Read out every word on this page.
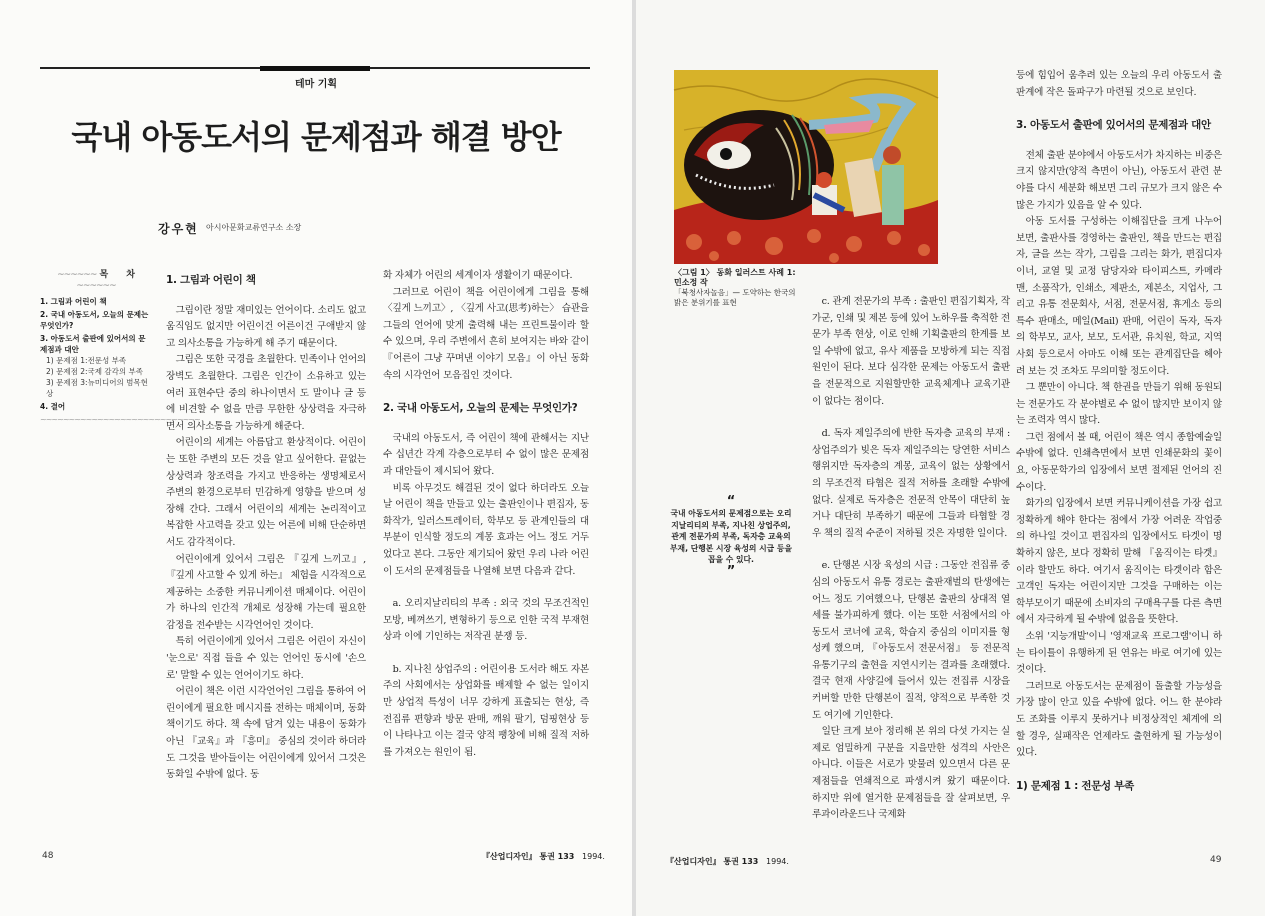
테마 기획
국내 아동도서의 문제점과 해결 방안
강우현 아시아문화교류연구소 소장
~~~~~~ 목　　차 ~~~~~~
1. 그림과 어린이 책
2. 국내 아동도서, 오늘의 문제는 무엇인가?
3. 아동도서 출판에 있어서의 문제점과 대안
1) 문제점 1:전문성 부족
2) 문제점 2:국제 감각의 부족
3) 문제점 3:뉴미디어의 범목현상
4. 결어
~~~~~~~~~~~~~~~~~~~~~~~~~~~~
1. 그림과 어린이 책

그림이란 정말 재미있는 언어이다. 소리도 없고 움직임도 없지만 어린이건 어른이건 구애받지 않고 의사소통을 가능하게 해 주기 때문이다.

그림은 또한 국경을 초월한다. 민족이나 언어의 장벽도 초월한다. 그림은 인간이 소유하고 있는 여러 표현수단 중의 하나이면서 도 말이나 글 등에 비견할 수 없을 만큼 무한한 상상력을 자극하면서 의사소통을 가능하게 해준다.

어린이의 세계는 아름답고 환상적이다. 어린이는 또한 주변의 모든 것을 알고 싶어한다. 끝없는 상상력과 창조력을 가지고 반응하는 생명체로서 주변의 환경으로부터 민감하게 영향을 받으며 성장해 간다. 그래서 어린이의 세계는 논리적이고 복잡한 사고력을 갖고 있는 어른에 비해 단순하면서도 감각적이다.

어린이에게 있어서 그림은 『깊게 느끼고』, 『깊게 사고할 수 있게 하는』 체험을 시각적으로 제공하는 소중한 커뮤니케이션 매체이다. 어린이가 하나의 인간적 개체로 성장해 가는데 필요한 감정을 전수받는 시각언어인 것이다.

특히 어린이에게 있어서 그림은 어린이 자신이 '눈으로' 직접 들을 수 있는 언어인 동시에 '손으로' 말할 수 있는 언어이기도 하다.

어린이 책은 이런 시각언어인 그림을 통하여 어린이에게 필요한 메시지를 전하는 매체이며, 동화책이기도 하다. 책 속에 담겨 있는 내용이 동화가 아닌 『교육』과 『흥미』 중심의 것이라 하더라도 그것을 받아들이는 어린이에게 있어서 그것은 동화일 수밖에 없다. 동

화 자체가 어린의 세계이자 생활이기 때문이다.

그러므로 어린이 책을 어린이에게 그림을 통해 〈깊게 느끼고〉, 〈깊게 사고(思考)하는〉 습관을 그들의 언어에 맞게 출력해 내는 프린트물이라 할 수 있으며, 우리 주변에서 흔히 보여지는 바와 같이 『어른이 그냥 꾸며낸 이야기 모음』이 아닌 동화속의 시각언어 모음집인 것이다.

2. 국내 아동도서, 오늘의 문제는 무엇인가?

국내의 아동도서, 즉 어린이 책에 관해서는 지난 수 십년간 각계 각층으로부터 수 없이 많은 문제점과 대안들이 제시되어 왔다.

비록 아무것도 해결된 것이 없다 하더라도 오늘날 어린이 책을 만들고 있는 출판인이나 편집자, 동화작가, 일러스트레이터, 학부모 등 관계인들의 대부분이 인식할 정도의 계몽 효과는 어느 정도 거두었다고 본다. 그동안 제기되어 왔던 우리 나라 어린이 도서의 문제점들을 나열해 보면 다음과 같다.

a. 오리지날리티의 부족 : 외국 것의 무조건적인 모방, 베껴쓰기, 변형하기 등으로 인한 국적 부재현상과 이에 기인하는 저작권 분쟁 등.

b. 지나친 상업주의 : 어린이용 도서라 해도 자본주의 사회에서는 상업화를 배제할 수 없는 일이지만 상업적 특성이 너무 강하게 표출되는 현상, 즉 전집류 편향과 방문 판매, 깨워 팔기, 덤핑현상 등이 나타나고 이는 결국 양적 팽창에 비해 질적 저하를 가져오는 원인이 됨.

48	『산업디자인』 통권 133 1994.
〈그림 1〉 동화 일러스트 사례 1: 민소정 작
「북청사자놀음」— 도약하는 한국의 밝은 분위기를 표현
“
국내 아동도서의 문제점으로는 오리지날리티의 부족, 지나친 상업주의, 관계 전문가의 부족, 독자층 교육의 부재, 단행본 시장 육성의 시급 등을 꼽을 수 있다.
”

c. 관계 전문가의 부족 : 출판인 편집기획자, 작가군, 인쇄 및 제본 등에 있어 노하우를 축적한 전문가 부족 현상, 이로 인해 기획출판의 한계를 보일 수밖에 없고, 유사 제품을 모방하게 되는 직접 원인이 된다. 보다 심각한 문제는 아동도서 출판을 전문적으로 지원할만한 교육체계나 교육기관이 없다는 점이다.

d. 독자 제일주의에 반한 독자층 교육의 부재 : 상업주의가 빚은 독자 제일주의는 당연한 서비스 행위지만 독자층의 계몽, 교육이 없는 상황에서의 무조건적 타협은 질적 저하를 초래할 수밖에 없다. 실제로 독자층은 전문적 안목이 대단히 높거나 대단히 부족하기 때문에 그들과 타협할 경우 책의 질적 수준이 저하될 것은 자명한 일이다.

e. 단행본 시장 육성의 시급 : 그동안 전집류 중심의 아동도서 유통 경로는 출판재벌의 탄생에는 어느 정도 기여했으나, 단행본 출판의 상대적 열세를 불가피하게 했다. 이는 또한 서점에서의 아동도서 코너에 교육, 학습지 중심의 이미지를 형성케 했으며, 『아동도서 전문서점』 등 전문적 유통기구의 출현을 지연시키는 결과를 초래했다. 결국 현재 사양길에 들어서 있는 전집류 시장을 커버할 만한 단행본이 질적, 양적으로 부족한 것도 여기에 기인한다.

일단 크게 보아 정리해 본 위의 다섯 가지는 실제로 엄밀하게 구분을 지을만한 성격의 사안은 아니다. 이들은 서로가 맞물려 있으면서 다른 문제점들을 연쇄적으로 파생시켜 왔기 때문이다. 하지만 위에 열거한 문제점들을 잘 살펴보면, 우루과이라운드나 국제화

등에 힘입어 움추려 있는 오늘의 우리 아동도서 출판계에 작은 돌파구가 마련될 것으로 보인다.

3. 아동도서 출판에 있어서의 문제점과 대안

전체 출판 분야에서 아동도서가 차지하는 비중은 크지 않지만(양적 측면이 아닌), 아동도서 관련 분야를 다시 세분화 해보면 그리 규모가 크지 않은 수 많은 가지가 있음을 알 수 있다.

아동 도서를 구성하는 이해집단을 크게 나누어 보면, 출판사를 경영하는 출판인, 책을 만드는 편집자, 글을 쓰는 작가, 그림을 그리는 화가, 편집디자이너, 교열 및 교정 담당자와 타이피스트, 카메라맨, 소품작가, 인쇄소, 제판소, 제본소, 지업사, 그리고 유통 전문회사, 서점, 전문서점, 휴게소 등의 특수 판매소, 메일(Mail) 판매, 어린이 독자, 독자의 학부모, 교사, 보모, 도서관, 유치원, 학교, 지역사회 등으로서 아마도 이해 또는 관계집단을 헤아려 보는 것 조차도 무의미할 정도이다.

그 뿐만이 아니다. 책 한권을 만들기 위해 동원되는 전문가도 각 분야별로 수 없이 많지만 보이지 않는 조력자 역시 많다.

그런 점에서 볼 때, 어린이 책은 역시 종합예술일 수밖에 없다. 인쇄측면에서 보면 인쇄문화의 꽃이요, 아동문학가의 입장에서 보면 절제된 언어의 진수이다.

화가의 입장에서 보면 커뮤니케이션을 가장 쉽고 정확하게 해야 한다는 점에서 가장 어려운 작업중의 하나일 것이고 편집자의 입장에서도 타겟이 명확하지 않은, 보다 정확히 말해 『움직이는 타겟』이라 할만도 하다. 여기서 움직이는 타겟이라 함은 고객인 독자는 어린이지만 그것을 구매하는 이는 학부모이기 때문에 소비자의 구매욕구를 다른 측면에서 자극하게 될 수밖에 없음을 뜻한다.

소위 '지능개발'이니 '영재교육 프로그램'이니 하는 타이틀이 유행하게 된 연유는 바로 여기에 있는 것이다.

그러므로 아동도서는 문제점이 돌출할 가능성을 가장 많이 안고 있을 수밖에 없다. 어느 한 분야라도 조화를 이루지 못하거나 비정상적인 체계에 의할 경우, 실패작은 언제라도 출현하게 될 가능성이 있다.

1) 문제점 1 : 전문성 부족
『산업디자인』 통권 133 1994.	49
